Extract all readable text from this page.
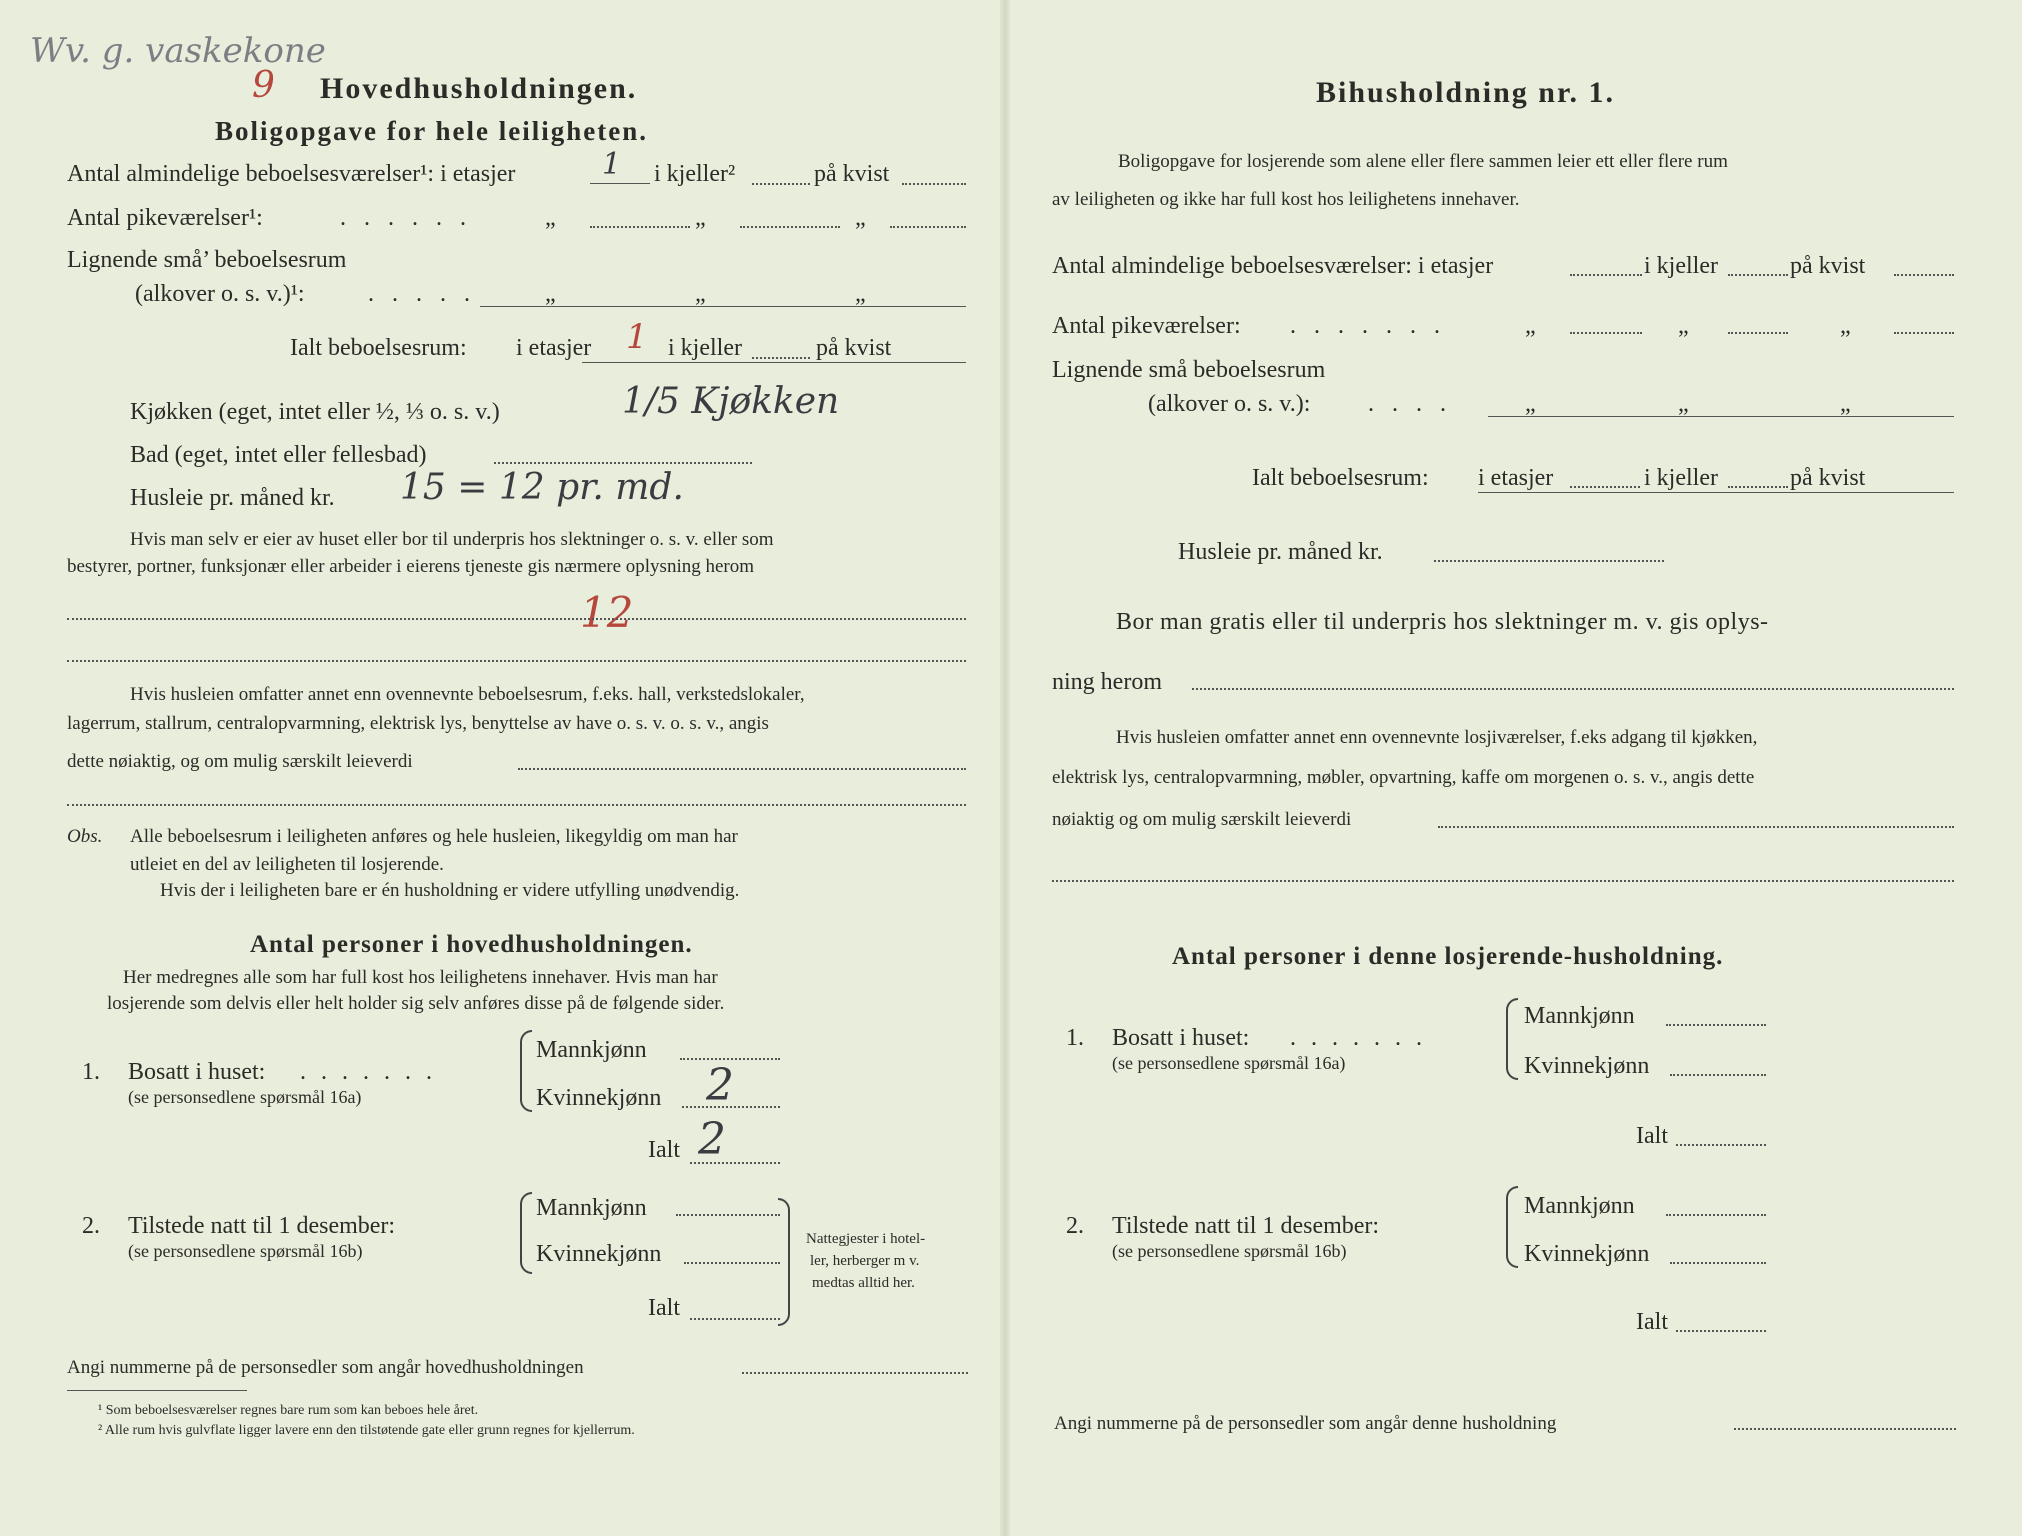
Wv. g. vaskekone
9 Hovedhusholdningen.
Boligopgave for hele leiligheten.
Antal almindelige beboelsesværelser¹: i etasjer	1 i kjeller²	på kvist
Antal pikeværelser¹:	......	„	„	„
Lignende små’ beboelsesrum
(alkover o. s. v.)¹:	..... „	„	„
Ialt beboelsesrum: i etasjer 1 i kjeller	på kvist
Kjøkken (eget, intet eller ½, ⅓ o. s. v.)	1/5 Kjøkken
Bad (eget, intet eller fellesbad)
Husleie pr. måned kr. 15 = 12 pr. md.
Hvis man selv er eier av huset eller bor til underpris hos slektninger o. s. v. eller som
bestyrer, portner, funksjonær eller arbeider i eierens tjeneste gis nærmere oplysning herom
12
Hvis husleien omfatter annet enn ovennevnte beboelsesrum, f.eks. hall, verkstedslokaler,
lagerrum, stallrum, centralopvarmning, elektrisk lys, benyttelse av have o. s. v. o. s. v., angis
dette nøiaktig, og om mulig særskilt leieverdi
Obs. Alle beboelsesrum i leiligheten anføres og hele husleien, likegyldig om man har
utleiet en del av leiligheten til losjerende.
Hvis der i leiligheten bare er én husholdning er videre utfylling unødvendig.
Antal personer i hovedhusholdningen.
Her medregnes alle som har full kost hos leilighetens innehaver. Hvis man har
losjerende som delvis eller helt holder sig selv anføres disse på de følgende sider.
1. Bosatt i huset: .......
(se personsedlene spørsmål 16a)
Mannkjønn
Kvinnekjønn 2
Ialt 2
2. Tilstede natt til 1 desember:
(se personsedlene spørsmål 16b)
Mannkjønn
Kvinnekjønn
Ialt
Nattegjester i hotel-
ler, herberger m v.
medtas alltid her.
Angi nummerne på de personsedler som angår hovedhusholdningen
¹ Som beboelsesværelser regnes bare rum som kan beboes hele året.
² Alle rum hvis gulvflate ligger lavere enn den tilstøtende gate eller grunn regnes for kjellerrum.
Bihusholdning nr. 1.
Boligopgave for losjerende som alene eller flere sammen leier ett eller flere rum
av leiligheten og ikke har full kost hos leilighetens innehaver.
Antal almindelige beboelsesværelser: i etasjer	i kjeller	på kvist
Antal pikeværelser: .......	„	„	„
Lignende små beboelsesrum
(alkover o. s. v.): ....	„	„	„
Ialt beboelsesrum: i etasjer	i kjeller	på kvist
Husleie pr. måned kr.
Bor man gratis eller til underpris hos slektninger m. v. gis oplys-
ning herom
Hvis husleien omfatter annet enn ovennevnte losjiværelser, f.eks adgang til kjøkken,
elektrisk lys, centralopvarmning, møbler, opvartning, kaffe om morgenen o. s. v., angis dette
nøiaktig og om mulig særskilt leieverdi
Antal personer i denne losjerende-husholdning.
1. Bosatt i huset: .......
(se personsedlene spørsmål 16a)
Mannkjønn
Kvinnekjønn
Ialt
2. Tilstede natt til 1 desember:
(se personsedlene spørsmål 16b)
Mannkjønn
Kvinnekjønn
Ialt
Angi nummerne på de personsedler som angår denne husholdning
